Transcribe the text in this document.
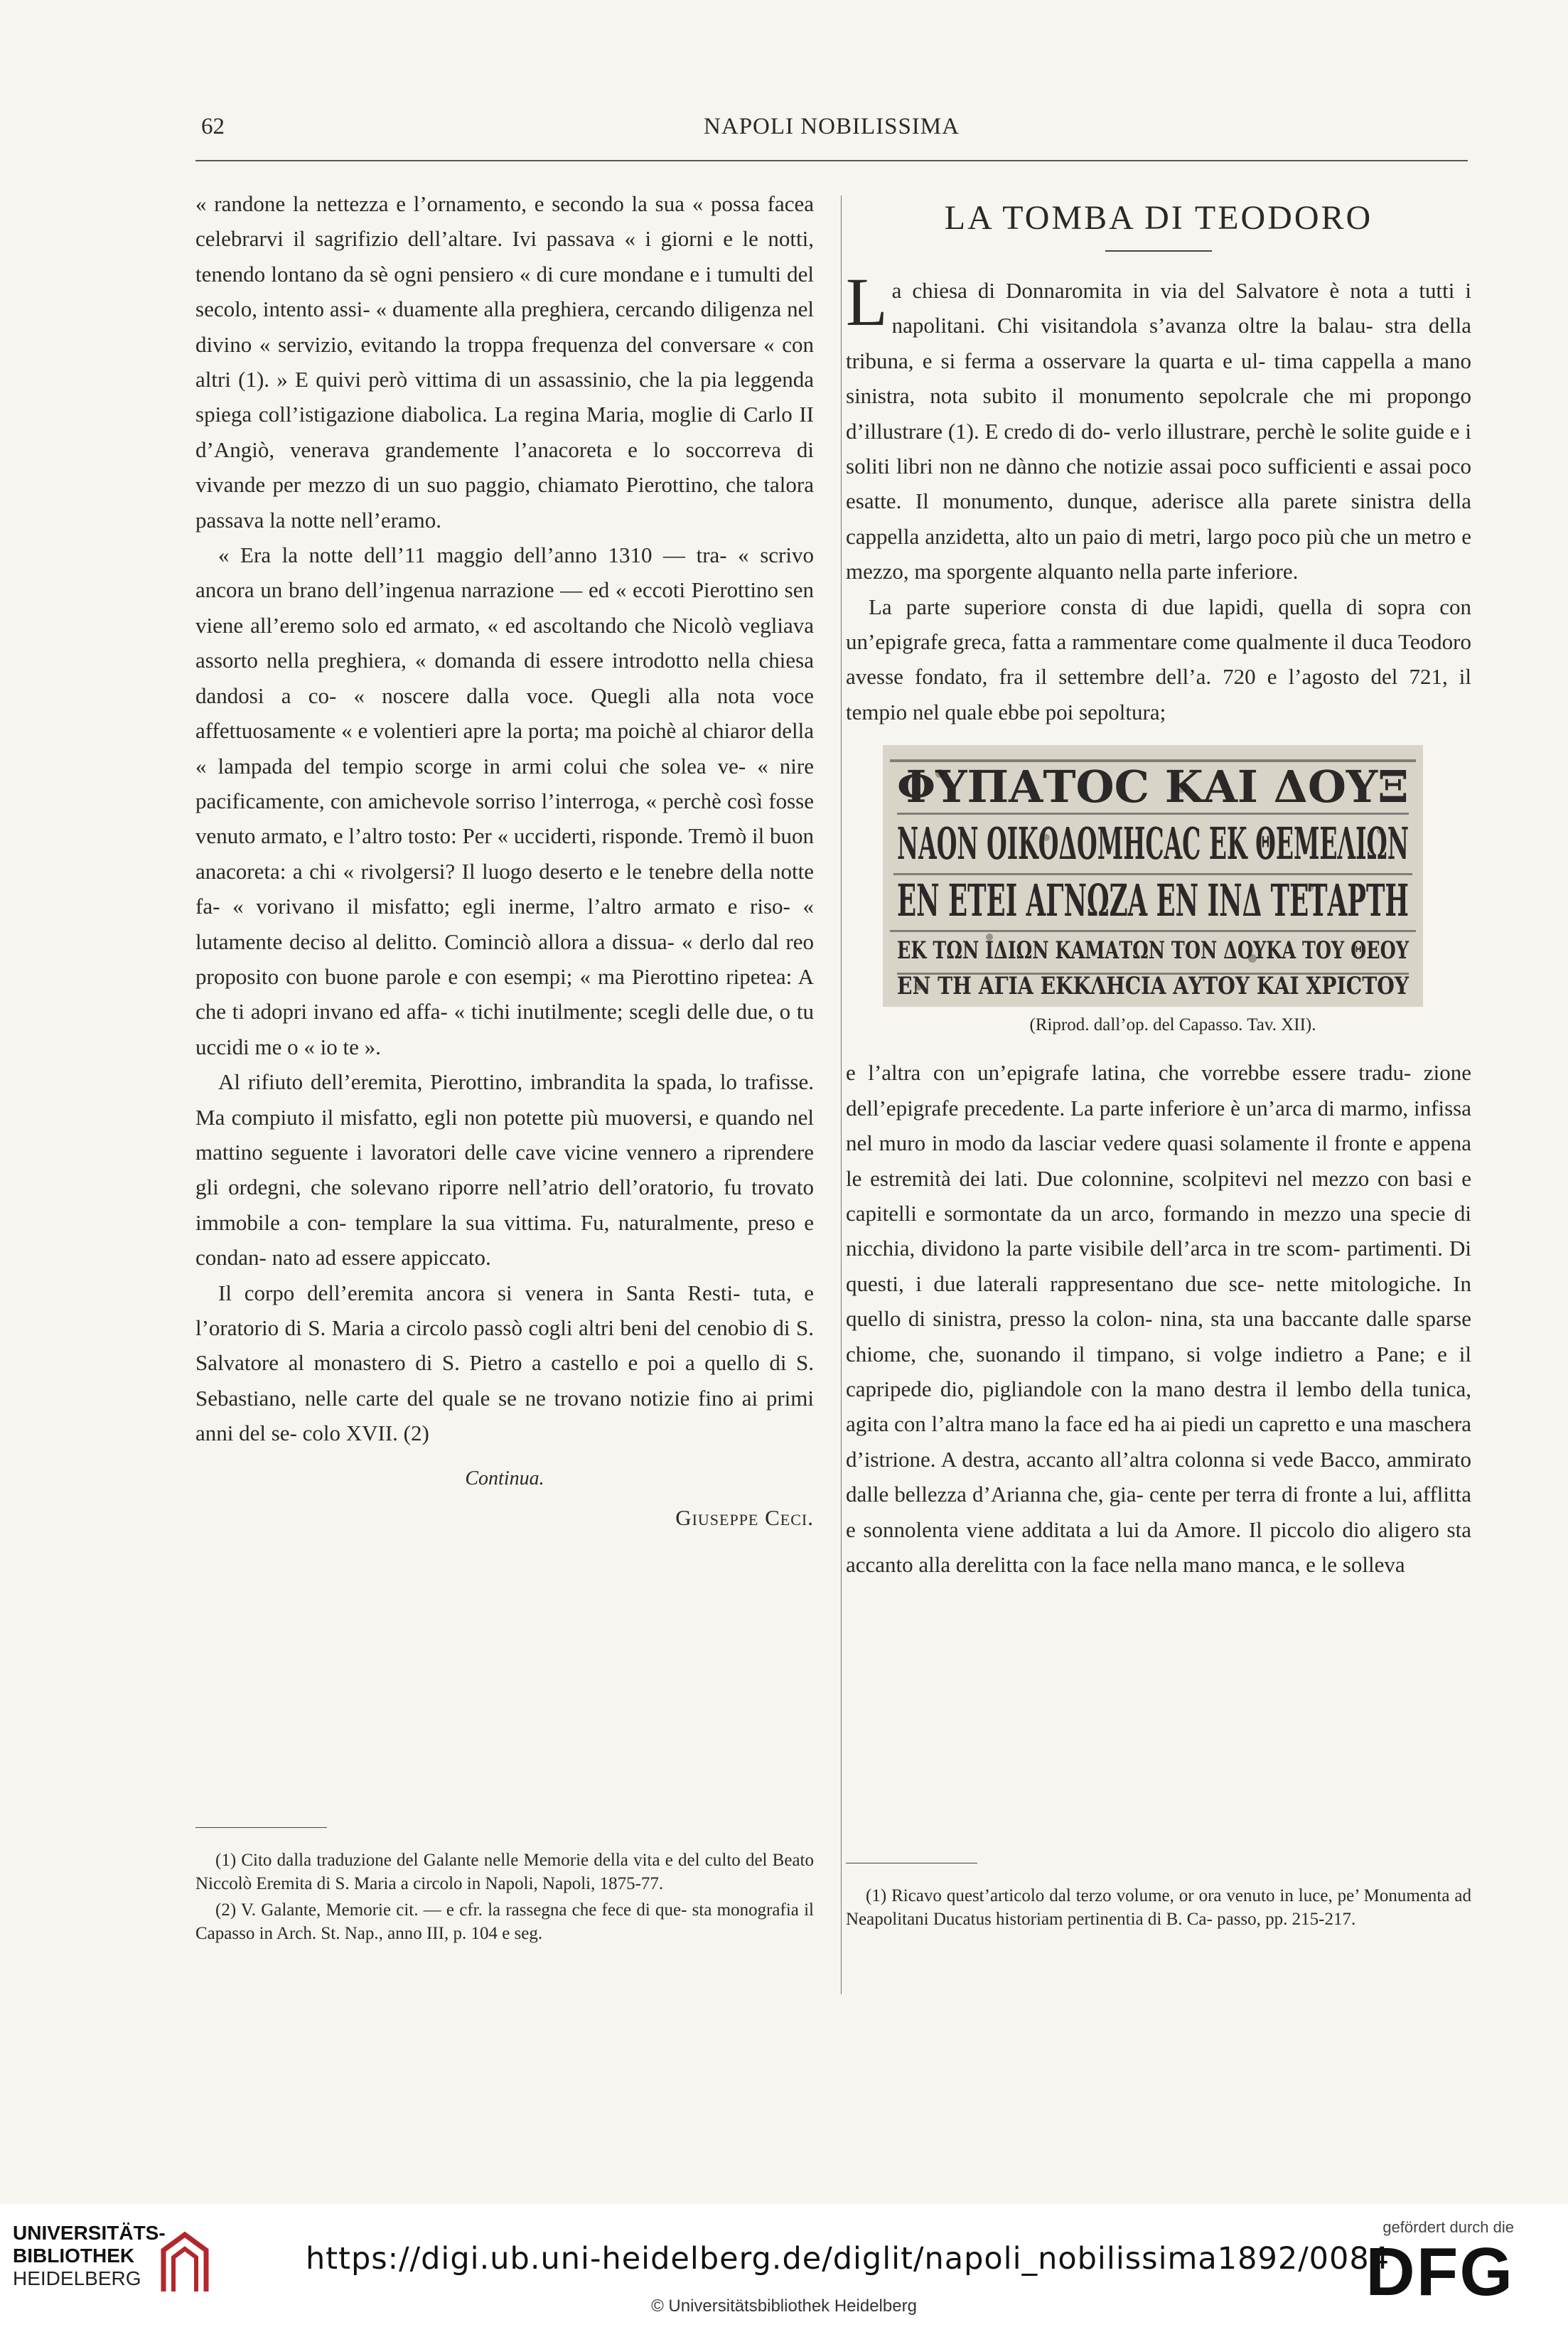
62	NAPOLI NOBILISSIMA

« randone la nettezza e l’ornamento, e secondo la sua « possa facea celebrarvi il sagrifizio dell’altare. Ivi passava « i giorni e le notti, tenendo lontano da sè ogni pensiero « di cure mondane e i tumulti del secolo, intento assi- « duamente alla preghiera, cercando diligenza nel divino « servizio, evitando la troppa frequenza del conversare « con altri (1). » E quivi però vittima di un assassinio, che la pia leggenda spiega coll’istigazione diabolica. La regina Maria, moglie di Carlo II d’Angiò, venerava grandemente l’anacoreta e lo soccorreva di vivande per mezzo di un suo paggio, chiamato Pierottino, che talora passava la notte nell’eramo.

« Era la notte dell’11 maggio dell’anno 1310 — tra- « scrivo ancora un brano dell’ingenua narrazione — ed « eccoti Pierottino sen viene all’eremo solo ed armato, « ed ascoltando che Nicolò vegliava assorto nella preghiera, « domanda di essere introdotto nella chiesa dandosi a co- « noscere dalla voce. Quegli alla nota voce affettuosamente « e volentieri apre la porta; ma poichè al chiaror della « lampada del tempio scorge in armi colui che solea ve- « nire pacificamente, con amichevole sorriso l’interroga, « perchè così fosse venuto armato, e l’altro tosto: Per « ucciderti, risponde. Tremò il buon anacoreta: a chi « rivolgersi? Il luogo deserto e le tenebre della notte fa- « vorivano il misfatto; egli inerme, l’altro armato e riso- « lutamente deciso al delitto. Cominciò allora a dissua- « derlo dal reo proposito con buone parole e con esempi; « ma Pierottino ripetea: A che ti adopri invano ed affa- « tichi inutilmente; scegli delle due, o tu uccidi me o « io te ».

Al rifiuto dell’eremita, Pierottino, imbrandita la spada, lo trafisse. Ma compiuto il misfatto, egli non potette più muoversi, e quando nel mattino seguente i lavoratori delle cave vicine vennero a riprendere gli ordegni, che solevano riporre nell’atrio dell’oratorio, fu trovato immobile a con- templare la sua vittima. Fu, naturalmente, preso e condan- nato ad essere appiccato.

Il corpo dell’eremita ancora si venera in Santa Resti- tuta, e l’oratorio di S. Maria a circolo passò cogli altri beni del cenobio di S. Salvatore al monastero di S. Pietro a castello e poi a quello di S. Sebastiano, nelle carte del quale se ne trovano notizie fino ai primi anni del se- colo XVII. (2)

Continua.
Giuseppe Ceci.

(1) Cito dalla traduzione del Galante nelle Memorie della vita e del culto del Beato Niccolò Eremita di S. Maria a circolo in Napoli, Napoli, 1875-77.

(2) V. Galante, Memorie cit. — e cfr. la rassegna che fece di que- sta monografia il Capasso in Arch. St. Nap., anno III, p. 104 e seg.

LA TOMBA DI TEODORO

La chiesa di Donnaromita in via del Salvatore è nota a tutti i napolitani. Chi visitandola s’avanza oltre la balau- stra della tribuna, e si ferma a osservare la quarta e ul- tima cappella a mano sinistra, nota subito il monumento sepolcrale che mi propongo d’illustrare (1). E credo di do- verlo illustrare, perchè le solite guide e i soliti libri non ne dànno che notizie assai poco sufficienti e assai poco esatte. Il monumento, dunque, aderisce alla parete sinistra della cappella anzidetta, alto un paio di metri, largo poco più che un metro e mezzo, ma sporgente alquanto nella parte inferiore.

La parte superiore consta di due lapidi, quella di sopra con un’epigrafe greca, fatta a rammentare come qualmente il duca Teodoro avesse fondato, fra il settembre dell’a. 720 e l’agosto del 721, il tempio nel quale ebbe poi sepoltura;

ΦΥΠΑΤΟC ΚΑΙ ΔΟΥΞ
ΝΑΟΝ ΟΙΚΟΔΟΜΗCΑC ΕΚ ΘΕΜΕΛΙΩΝ
ΕΝ ΕΤΕΙ ΑΓΝΩΖΑ ΕΝ ΙΝΔ ΤΕΤΑΡΤΗ
ΕΚ ΤΩΝ ΙΔΙΩΝ ΚΑΜΑΤΩΝ ΤΟΝ ΔΟΥΚΑ ΤΟΥ ΘΕΟΥ
ΕΝ ΤΗ ΑΓΙΑ ΕΚΚΛΗCΙΑ ΑΥΤΟΥ ΚΑΙ ΧΡΙCΤΟΥ
(Riprod. dall’op. del Capasso. Tav. XII).

e l’altra con un’epigrafe latina, che vorrebbe essere tradu- zione dell’epigrafe precedente. La parte inferiore è un’arca di marmo, infissa nel muro in modo da lasciar vedere quasi solamente il fronte e appena le estremità dei lati. Due colonnine, scolpitevi nel mezzo con basi e capitelli e sormontate da un arco, formando in mezzo una specie di nicchia, dividono la parte visibile dell’arca in tre scom- partimenti. Di questi, i due laterali rappresentano due sce- nette mitologiche. In quello di sinistra, presso la colon- nina, sta una baccante dalle sparse chiome, che, suonando il timpano, si volge indietro a Pane; e il capripede dio, pigliandole con la mano destra il lembo della tunica, agita con l’altra mano la face ed ha ai piedi un capretto e una maschera d’istrione. A destra, accanto all’altra colonna si vede Bacco, ammirato dalle bellezza d’Arianna che, gia- cente per terra di fronte a lui, afflitta e sonnolenta viene additata a lui da Amore. Il piccolo dio aligero sta accanto alla derelitta con la face nella mano manca, e le solleva

(1) Ricavo quest’articolo dal terzo volume, or ora venuto in luce, pe’ Monumenta ad Neapolitani Ducatus historiam pertinentia di B. Ca- passo, pp. 215-217.

UNIVERSITÄTS-
BIBLIOTHEK
HEIDELBERG
https://digi.ub.uni-heidelberg.de/diglit/napoli_nobilissima1892/0084
© Universitätsbibliothek Heidelberg
gefördert durch die
DFG
